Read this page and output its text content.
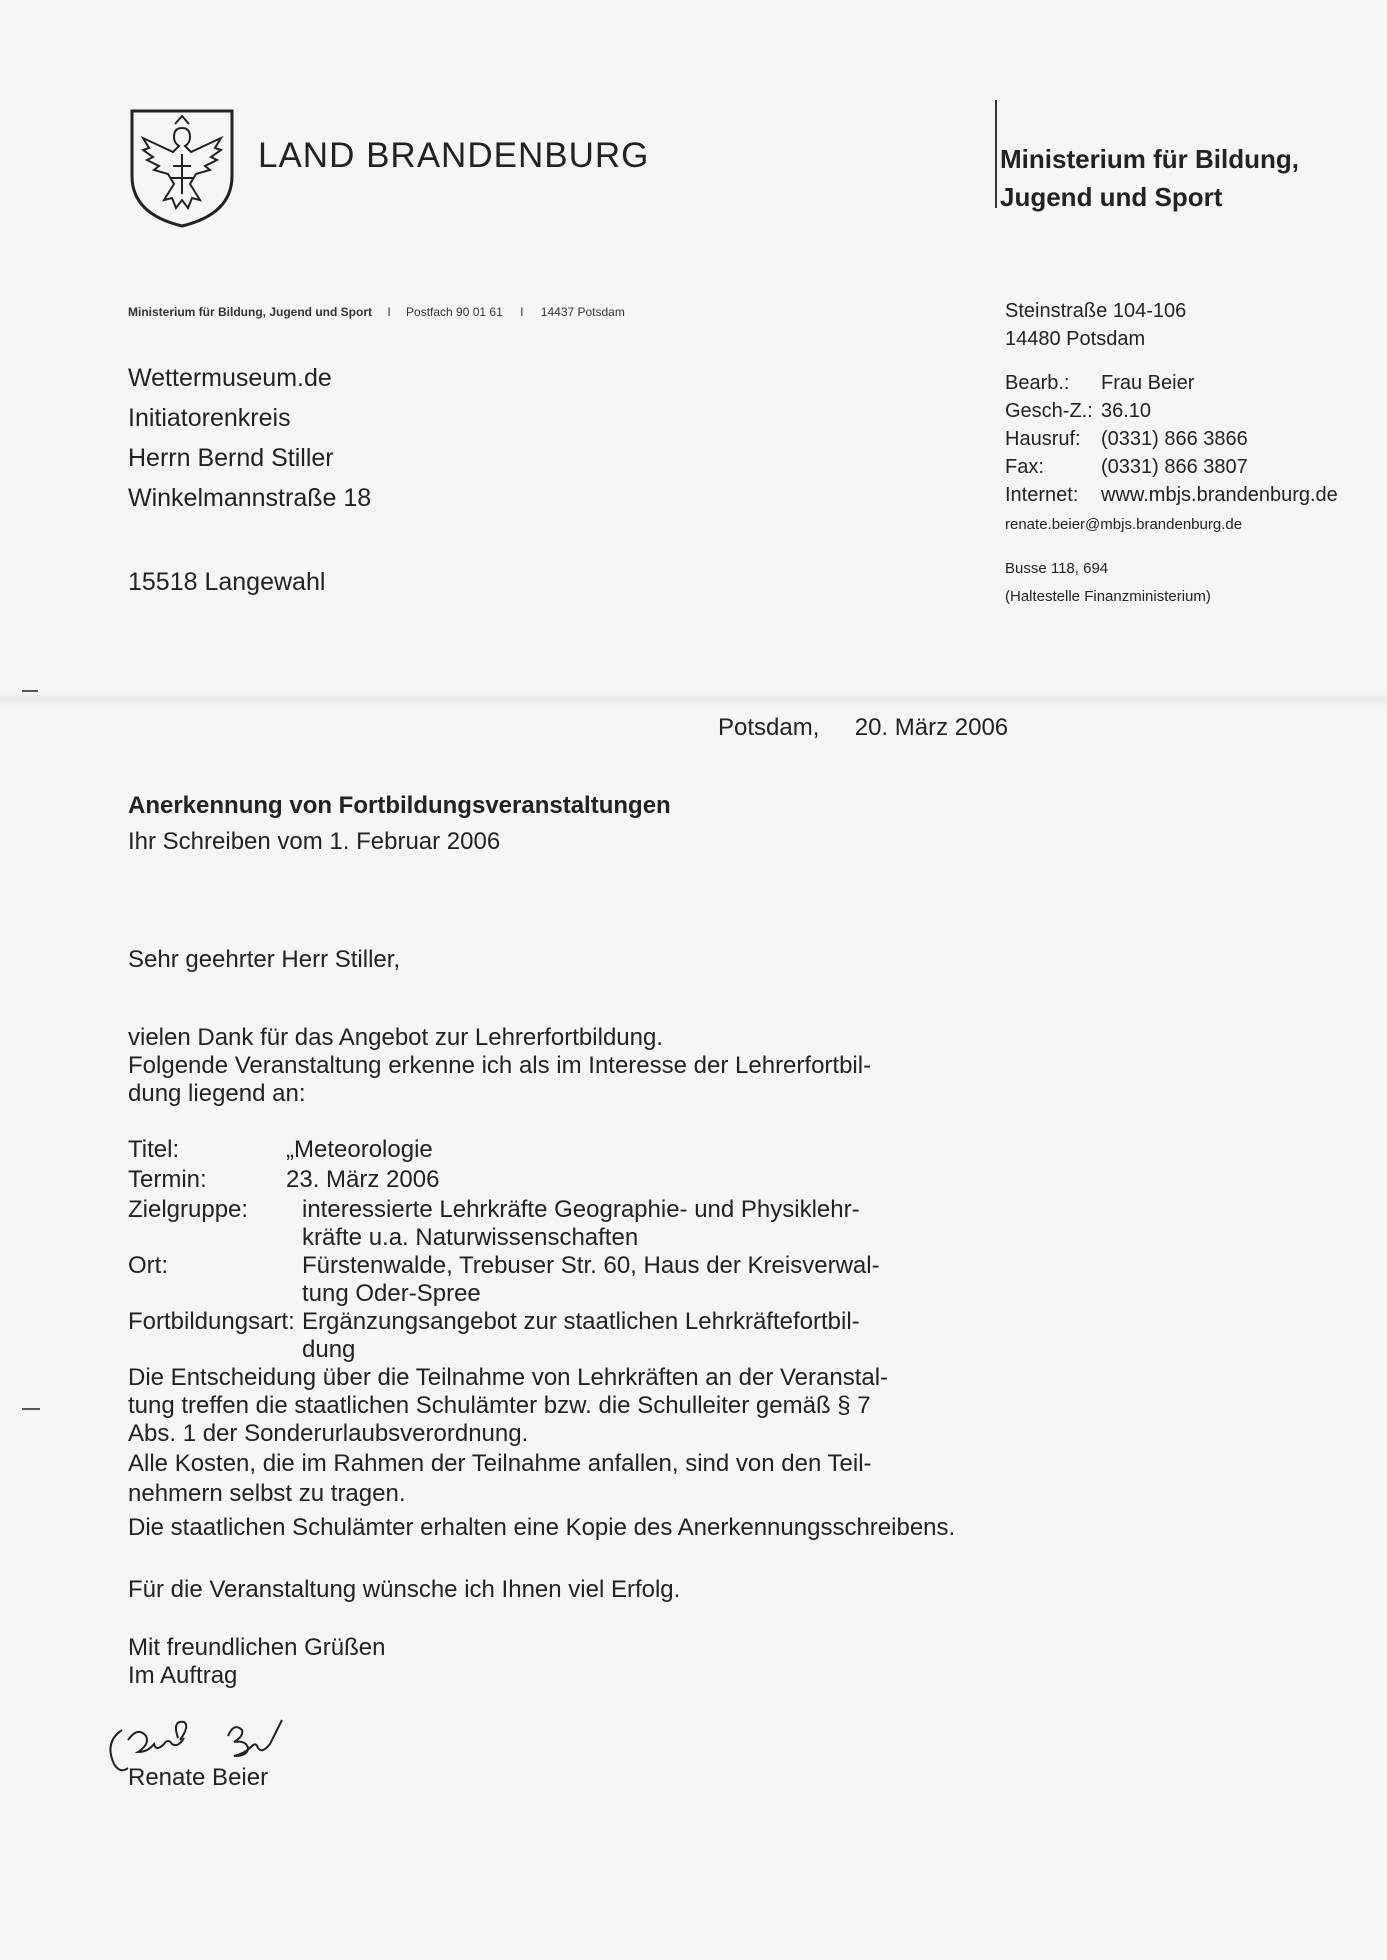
LAND BRANDENBURG	Ministerium für Bildung,
Jugend und Sport
Ministerium für Bildung, Jugend und Sport I Postfach 90 01 61 I 14437 Potsdam
Wettermuseum.de
Initiatorenkreis
Herrn Bernd Stiller
Winkelmannstraße 18
15518 Langewahl
Steinstraße 104-106
14480 Potsdam
Bearb.: Frau Beier
Gesch-Z.: 36.10
Hausruf: (0331) 866 3866
Fax:	(0331) 866 3807
Internet: www.mbjs.brandenburg.de
renate.beier@mbjs.brandenburg.de
Busse 118, 694
(Haltestelle Finanzministerium)
Potsdam, 20. März 2006
Anerkennung von Fortbildungsveranstaltungen
Ihr Schreiben vom 1. Februar 2006
Sehr geehrter Herr Stiller,
vielen Dank für das Angebot zur Lehrerfortbildung.
Folgende Veranstaltung erkenne ich als im Interesse der Lehrerfortbil-
dung liegend an:
Titel:	„Meteorologie
Termin:	23. März 2006
Zielgruppe: interessierte Lehrkräfte Geographie- und Physiklehr-
kräfte u.a. Naturwissenschaften
Ort:	Fürstenwalde, Trebuser Str. 60, Haus der Kreisverwal-
tung Oder-Spree
Fortbildungsart: Ergänzungsangebot zur staatlichen Lehrkräftefortbil-
dung
Die Entscheidung über die Teilnahme von Lehrkräften an der Veranstal-
tung treffen die staatlichen Schulämter bzw. die Schulleiter gemäß § 7
Abs. 1 der Sonderurlaubsverordnung.
Alle Kosten, die im Rahmen der Teilnahme anfallen, sind von den Teil-
nehmern selbst zu tragen.
Die staatlichen Schulämter erhalten eine Kopie des Anerkennungsschreibens.
Für die Veranstaltung wünsche ich Ihnen viel Erfolg.
Mit freundlichen Grüßen
Im Auftrag
Renate Beier
